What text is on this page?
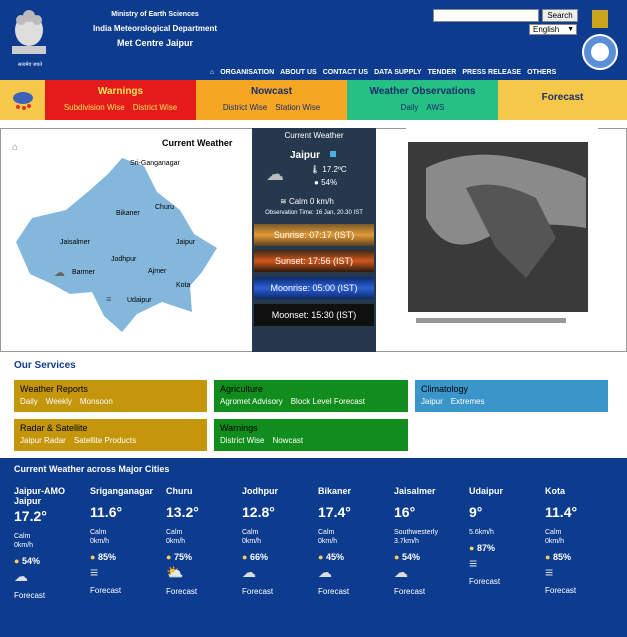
सत्यमेव जयते
Ministry of Earth Sciences
India Meteorological Department
Met Centre Jaipur
Search
English ▼
⌂ ORGANISATION ABOUT US CONTACT US DATA SUPPLY TENDER PRESS RELEASE OTHERS
Warnings
Subdivision Wise District Wise
Nowcast
District Wise Station Wise
Weather Observations
Daily AWS
Forecast
⌂	Current Weather
Sri-Ganganagar
Churu
Bikaner
Jaisalmer	Jaipur
Jodhpur
Barmer	Ajmer
Kota
Udaipur
☁
≡
Current Weather
Jaipur
☁	🌡 17.2ºC
● 54%
≋ Calm 0 km/h
Observation Time: 16 Jan, 20.30 IST
Sunrise: 07:17 (IST)
Sunset: 17:56 (IST)
Moonrise: 05:00 (IST)
Moonset: 15:30 (IST)
Our Services
Weather Reports
Daily Weekly Monsoon
Agriculture
Agromet Advisory Block Level Forecast
Climatology
Jaipur Extremes
Radar & Satellite
Jaipur Radar Satellite Products
Warnings
District Wise Nowcast
Current Weather across Major Cities
Jaipur-AMO Jaipur
17.2°
Calm
0km/h
● 54%
☁
Forecast
Sriganganagar
11.6°
Calm
0km/h
● 85%
≡
Forecast
Churu
13.2°
Calm
0km/h
● 75%
⛅
Forecast
Jodhpur
12.8°
Calm
0km/h
● 66%
☁
Forecast
Bikaner
17.4°
Calm
0km/h
● 45%
☁
Forecast
Jaisalmer
16°
Southwesterly
3.7km/h
● 54%
☁
Forecast
Udaipur
9°
5.6km/h
● 87%
≡
Forecast
Kota
11.4°
Calm
0km/h
● 85%
≡
Forecast
